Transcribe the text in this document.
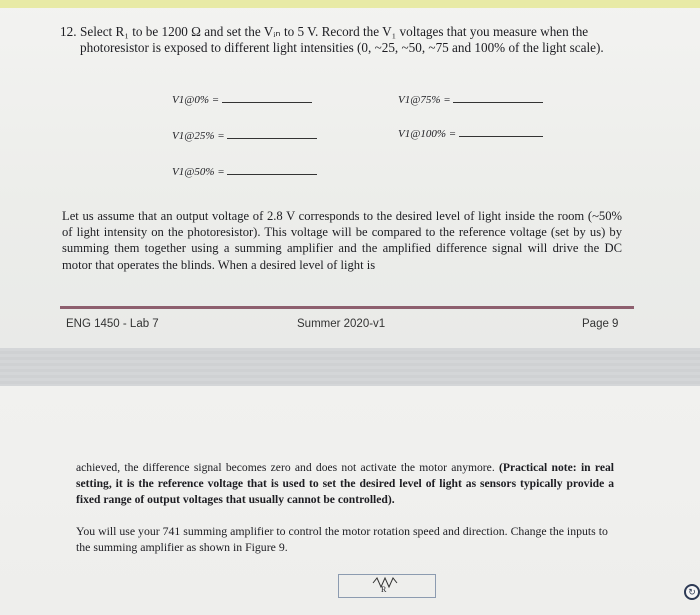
12. Select R₁ to be 1200 Ω and set the Vᵢₙ to 5 V. Record the V₁ voltages that you measure when the photoresistor is exposed to different light intensities (0, ~25, ~50, ~75 and 100% of the light scale).
V1@0% =
V1@25% =
V1@50% =
V1@75% =
V1@100% =
Let us assume that an output voltage of 2.8 V corresponds to the desired level of light inside the room (~50% of light intensity on the photoresistor). This voltage will be compared to the reference voltage (set by us) by summing them together using a summing amplifier and the amplified difference signal will drive the DC motor that operates the blinds. When a desired level of light is
ENG 1450 - Lab 7	Summer 2020-v1	Page 9
achieved, the difference signal becomes zero and does not activate the motor anymore. (Practical note: in real setting, it is the reference voltage that is used to set the desired level of light as sensors typically provide a fixed range of output voltages that usually cannot be controlled).
You will use your 741 summing amplifier to control the motor rotation speed and direction. Change the inputs to the summing amplifier as shown in Figure 9.
R	↻
